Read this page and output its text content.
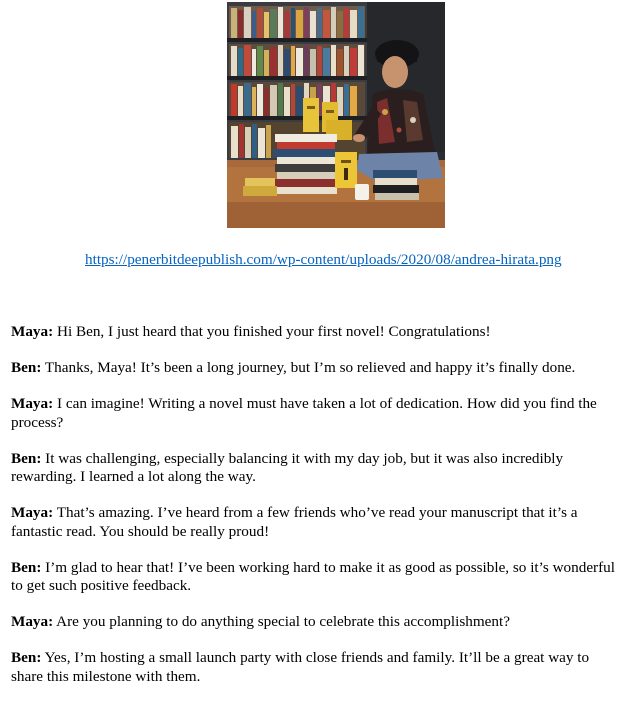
https://penerbitdeepublish.com/wp-content/uploads/2020/08/andrea-hirata.png

Maya: Hi Ben, I just heard that you finished your first novel! Congratulations!

Ben: Thanks, Maya! It’s been a long journey, but I’m so relieved and happy it’s finally done.

Maya: I can imagine! Writing a novel must have taken a lot of dedication. How did you find the process?

Ben: It was challenging, especially balancing it with my day job, but it was also incredibly rewarding. I learned a lot along the way.

Maya: That’s amazing. I’ve heard from a few friends who’ve read your manuscript that it’s a fantastic read. You should be really proud!

Ben: I’m glad to hear that! I’ve been working hard to make it as good as possible, so it’s wonderful to get such positive feedback.

Maya: Are you planning to do anything special to celebrate this accomplishment?

Ben: Yes, I’m hosting a small launch party with close friends and family. It’ll be a great way to share this milestone with them.
